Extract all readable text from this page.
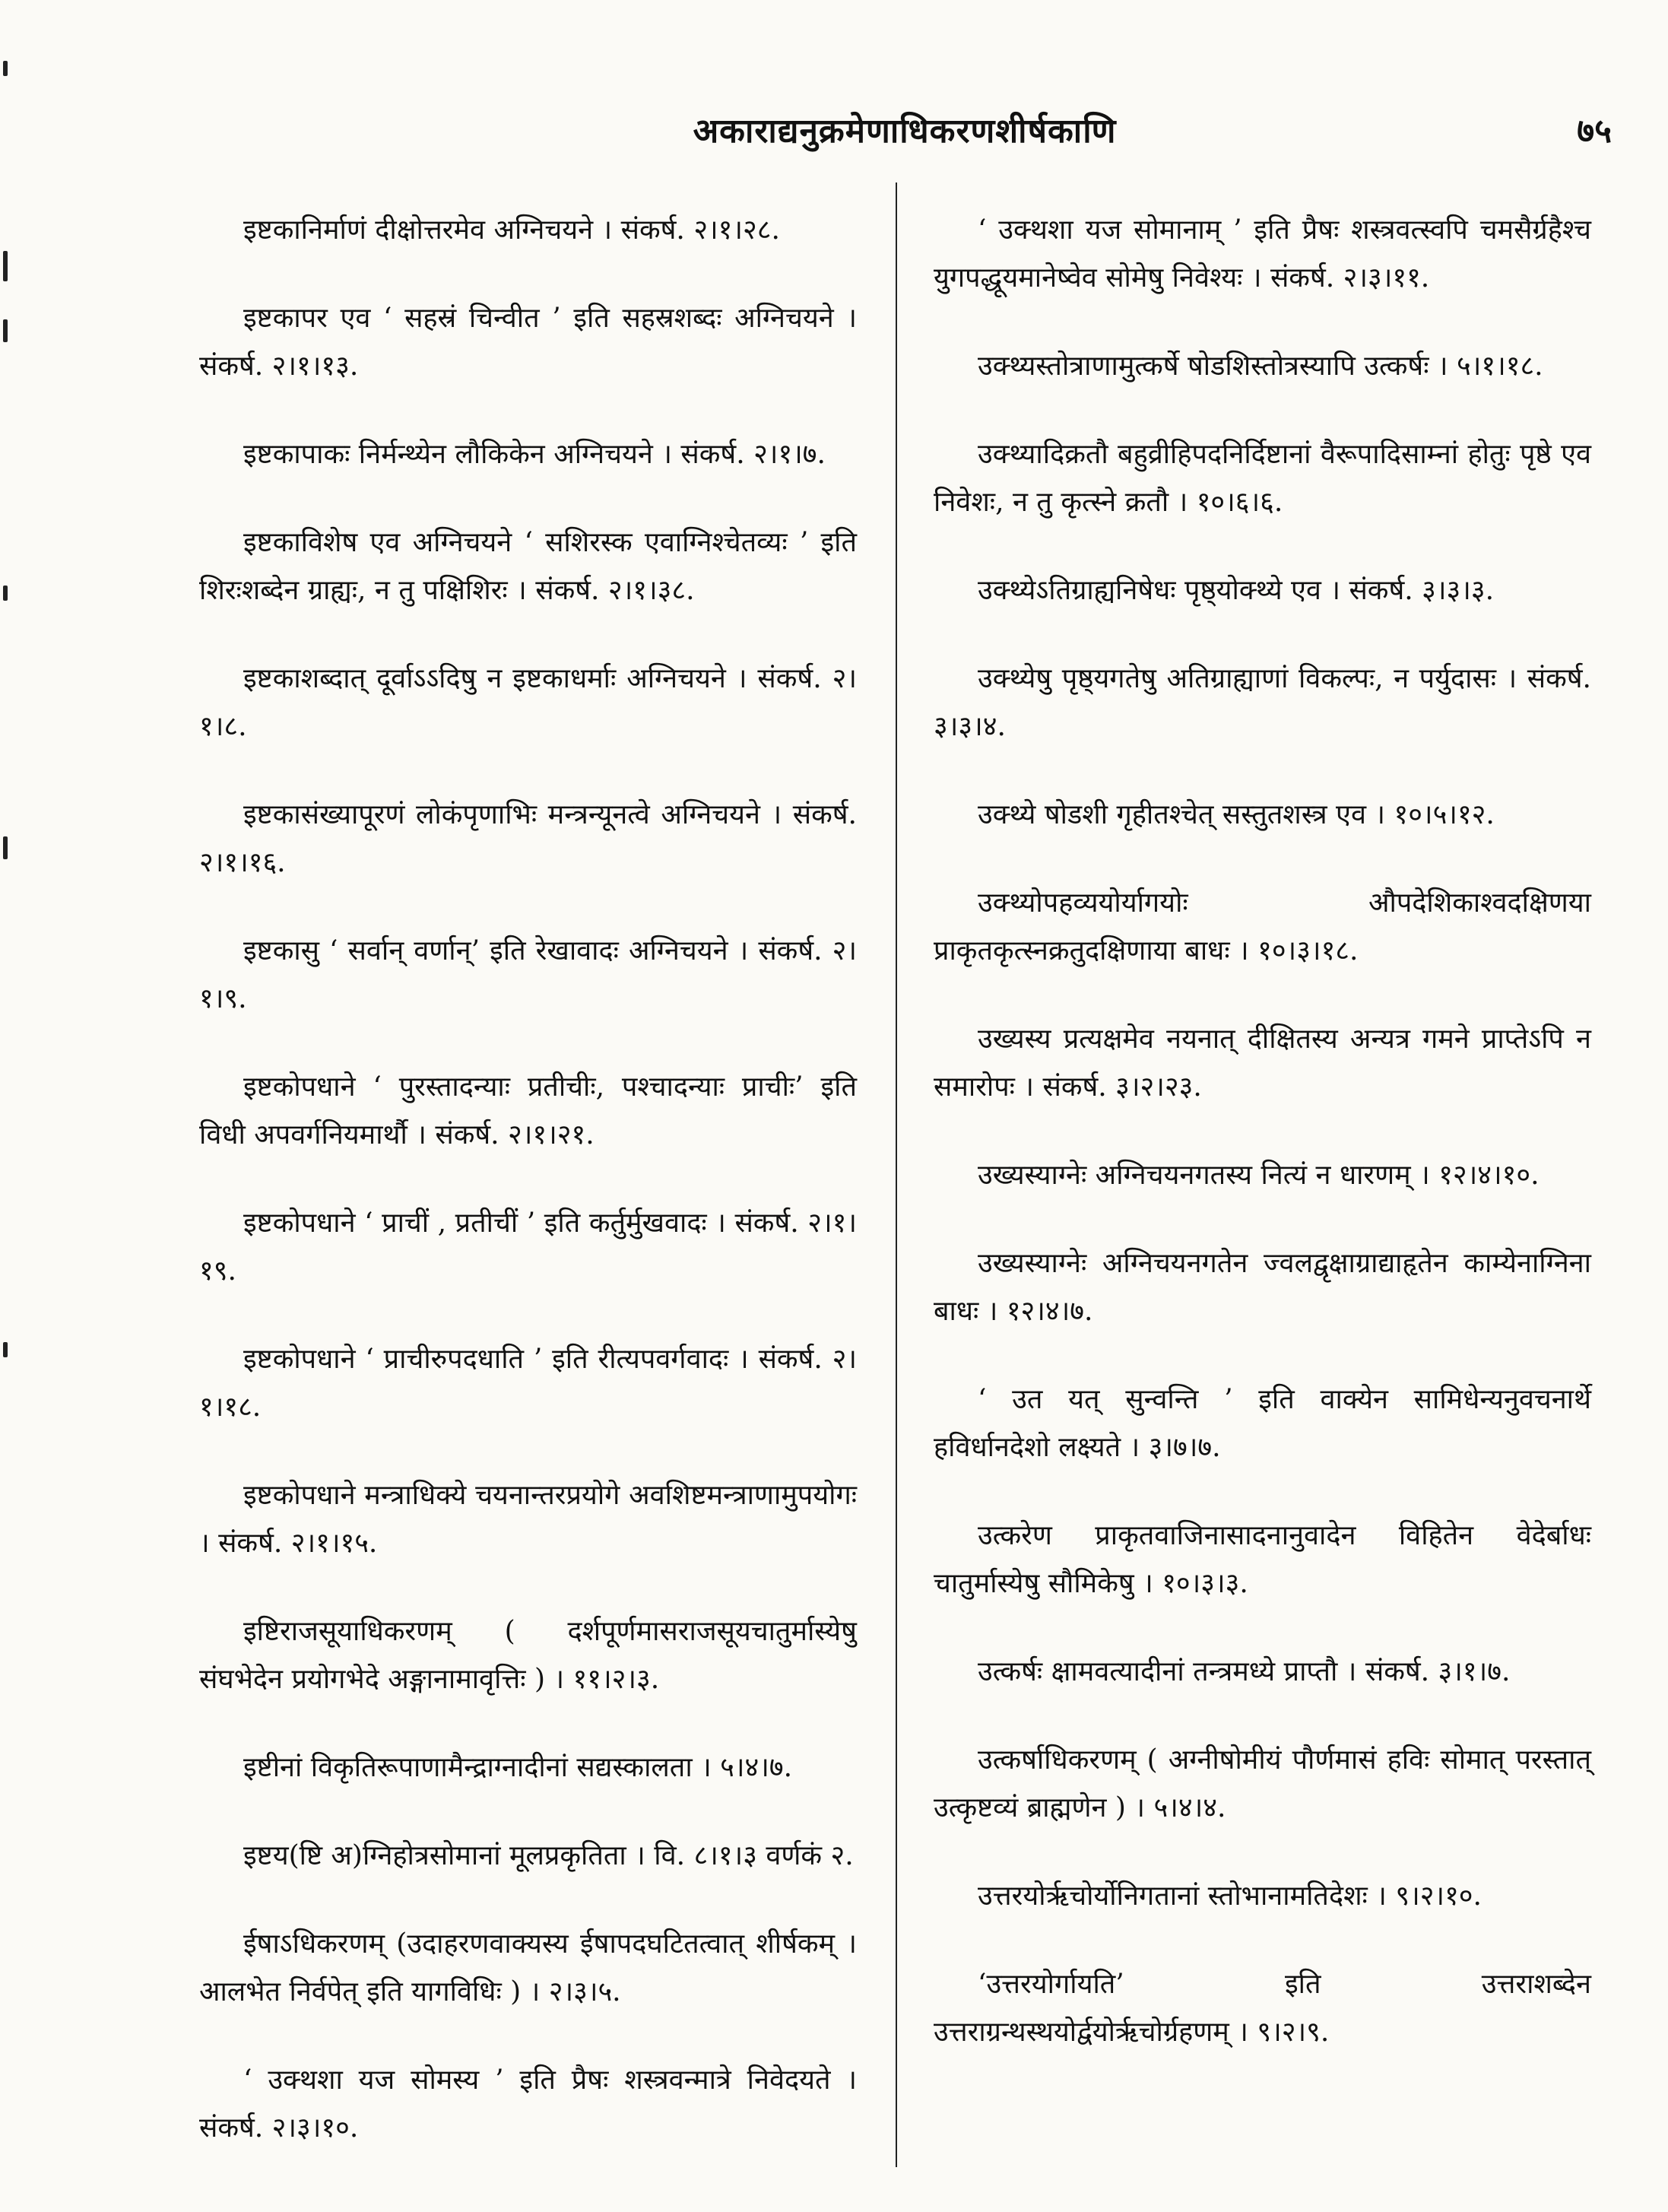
अकाराद्यनुक्रमेणाधिकरणशीर्षकाणि	७५

इष्टकानिर्माणं दीक्षोत्तरमेव अग्निचयने । संकर्ष. २।१।२८.

इष्टकापर एव ‘ सहस्रं चिन्वीत ’ इति सहस्रशब्दः अग्निचयने । संकर्ष. २।१।१३.

इष्टकापाकः निर्मन्थ्येन लौकिकेन अग्निचयने । संकर्ष. २।१।७.

इष्टकाविशेष एव अग्निचयने ‘ सशिरस्क एवाग्निश्चेतव्यः ’ इति शिरःशब्देन ग्राह्यः, न तु पक्षिशिरः । संकर्ष. २।१।३८.

इष्टकाशब्दात् दूर्वाऽऽदिषु न इष्टकाधर्माः अग्निचयने । संकर्ष. २।१।८.

इष्टकासंख्यापूरणं लोकंपृणाभिः मन्त्रन्यूनत्वे अग्निचयने । संकर्ष. २।१।१६.

इष्टकासु ‘ सर्वान् वर्णान्’ इति रेखावादः अग्निचयने । संकर्ष. २।१।९.

इष्टकोपधाने ‘ पुरस्तादन्याः प्रतीचीः, पश्चादन्याः प्राचीः’ इति विधी अपवर्गनियमार्थौ । संकर्ष. २।१।२१.

इष्टकोपधाने ‘ प्राचीं , प्रतीचीं ’ इति कर्तुर्मुखवादः । संकर्ष. २।१।१९.

इष्टकोपधाने ‘ प्राचीरुपदधाति ’ इति रीत्यपवर्गवादः । संकर्ष. २।१।१८.

इष्टकोपधाने मन्त्राधिक्ये चयनान्तरप्रयोगे अवशिष्टमन्त्राणामुपयोगः । संकर्ष. २।१।१५.

इष्टिराजसूयाधिकरणम् ( दर्शपूर्णमासराजसूयचातुर्मास्येषु संघभेदेन प्रयोगभेदे अङ्गानामावृत्तिः ) । ११।२।३.

इष्टीनां विकृतिरूपाणामैन्द्राग्नादीनां सद्यस्कालता । ५।४।७.

इष्टय(ष्टि अ)ग्निहोत्रसोमानां मूलप्रकृतिता । वि. ८।१।३ वर्णकं २.

ईषाऽधिकरणम् (उदाहरणवाक्यस्य ईषापदघटितत्वात् शीर्षकम् । आलभेत निर्वपेत् इति यागविधिः ) । २।३।५.

‘ उक्थशा यज सोमस्य ’ इति प्रैषः शस्त्रवन्मात्रे निवेदयते । संकर्ष. २।३।१०.

‘ उक्थशा यज सोमानाम् ’ इति प्रैषः शस्त्रवत्स्वपि चमसैर्ग्रहैश्च युगपद्धूयमानेष्वेव सोमेषु निवेश्यः । संकर्ष. २।३।११.

उक्थ्यस्तोत्राणामुत्कर्षे षोडशिस्तोत्रस्यापि उत्कर्षः । ५।१।१८.

उक्थ्यादिक्रतौ बहुव्रीहिपदनिर्दिष्टानां वैरूपादिसाम्नां होतुः पृष्ठे एव निवेशः, न तु कृत्स्ने क्रतौ । १०।६।६.

उक्थ्येऽतिग्राह्यनिषेधः पृष्ठ्योक्थ्ये एव । संकर्ष. ३।३।३.

उक्थ्येषु पृष्ठ्यगतेषु अतिग्राह्याणां विकल्पः, न पर्युदासः । संकर्ष. ३।३।४.

उक्थ्ये षोडशी गृहीतश्चेत् सस्तुतशस्त्र एव । १०।५।१२.

उक्थ्योपहव्ययोर्यागयोः औपदेशिकाश्वदक्षिणया प्राकृतकृत्स्नक्रतुदक्षिणाया बाधः । १०।३।१८.

उख्यस्य प्रत्यक्षमेव नयनात् दीक्षितस्य अन्यत्र गमने प्राप्तेऽपि न समारोपः । संकर्ष. ३।२।२३.

उख्यस्याग्नेः अग्निचयनगतस्य नित्यं न धारणम् । १२।४।१०.

उख्यस्याग्नेः अग्निचयनगतेन ज्वलद्वृक्षाग्राद्याहृतेन काम्येनाग्निना बाधः । १२।४।७.

‘ उत यत् सुन्वन्ति ’ इति वाक्येन सामिधेन्यनुवचनार्थे हविर्धानदेशो लक्ष्यते । ३।७।७.

उत्करेण प्राकृतवाजिनासादनानुवादेन विहितेन वेदेर्बाधः चातुर्मास्येषु सौमिकेषु । १०।३।३.

उत्कर्षः क्षामवत्यादीनां तन्त्रमध्ये प्राप्तौ । संकर्ष. ३।१।७.

उत्कर्षाधिकरणम् ( अग्नीषोमीयं पौर्णमासं हविः सोमात् परस्तात् उत्कृष्टव्यं ब्राह्मणेन ) । ५।४।४.

उत्तरयोर्ऋचोर्योनिगतानां स्तोभानामतिदेशः । ९।२।१०.

‘उत्तरयोर्गायति’ इति उत्तराशब्देन उत्तराग्रन्थस्थयोर्द्वयोर्ऋचोर्ग्रहणम् । ९।२।९.
